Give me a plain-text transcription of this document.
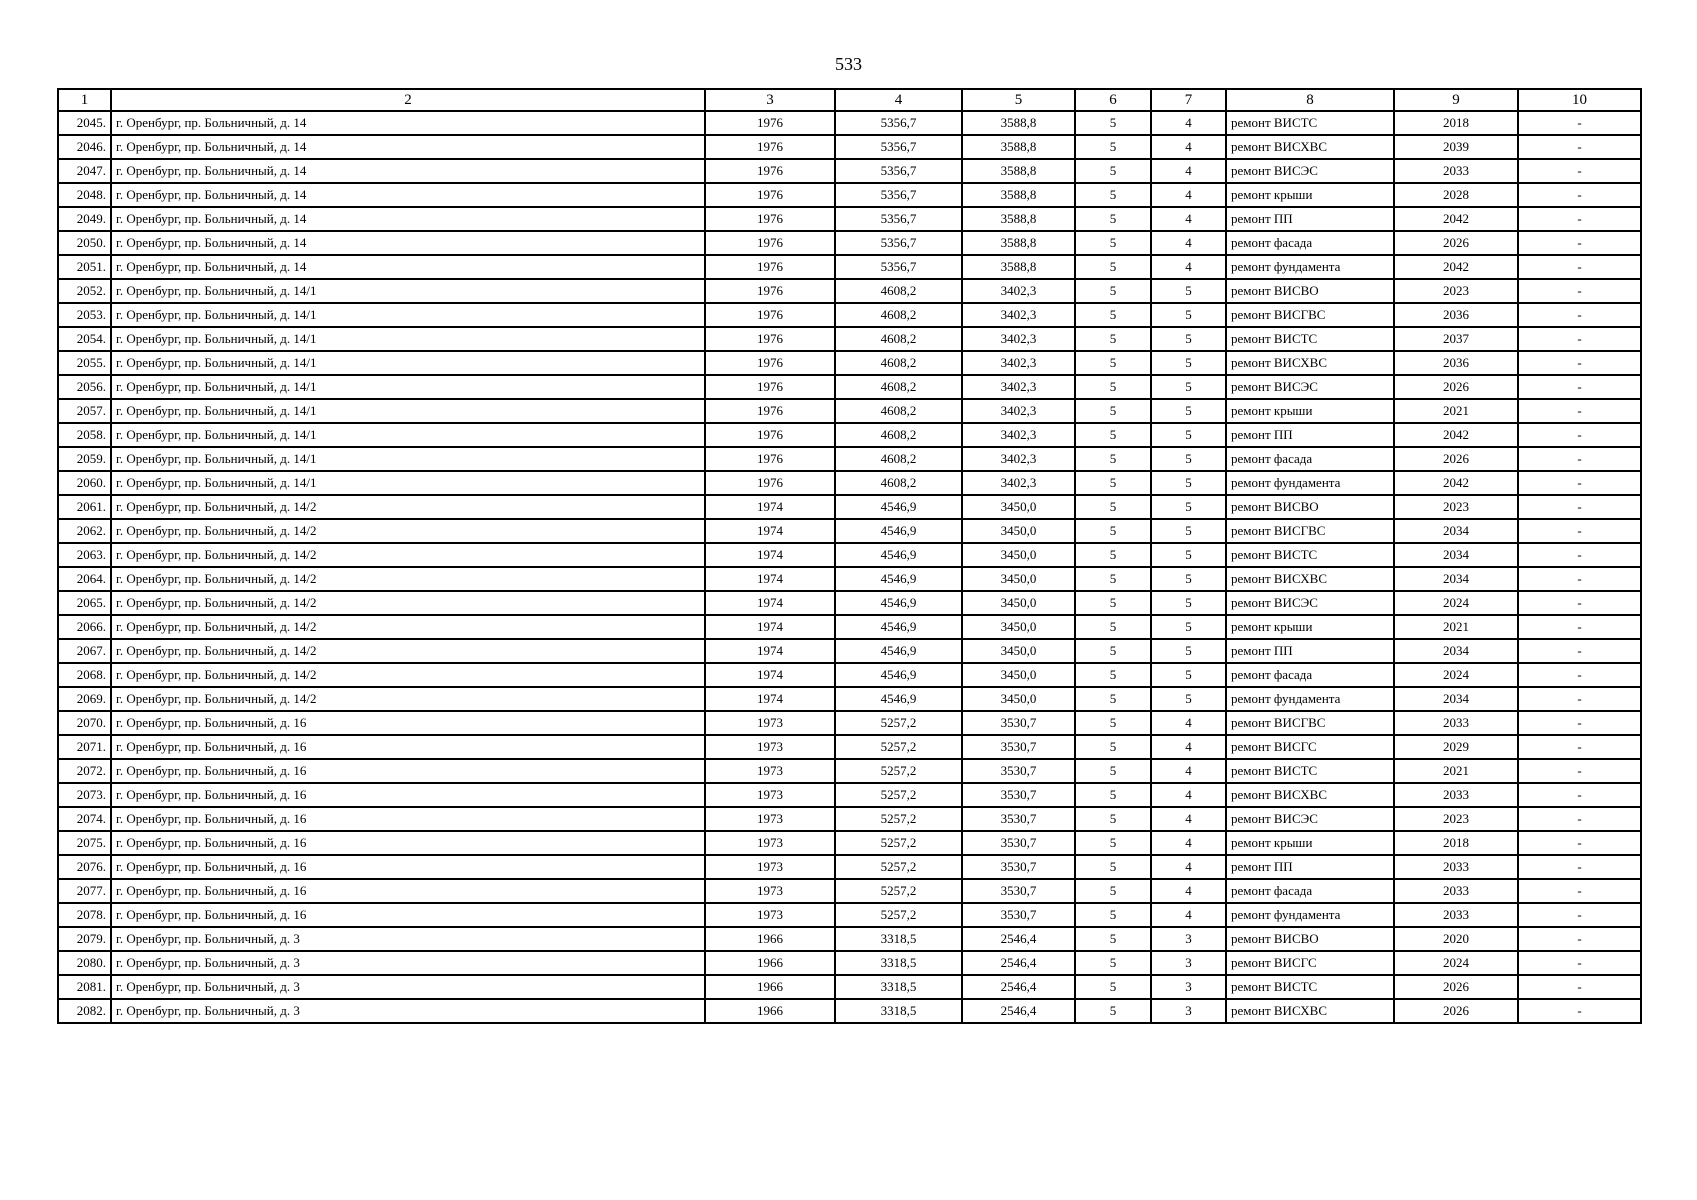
533
1	2	3	4	5	6	7	8	9	10
2045.	г. Оренбург, пр. Больничный, д. 14	1976	5356,7	3588,8	5	4	ремонт ВИСТС	2018	-
2046.	г. Оренбург, пр. Больничный, д. 14	1976	5356,7	3588,8	5	4	ремонт ВИСХВС	2039	-
2047.	г. Оренбург, пр. Больничный, д. 14	1976	5356,7	3588,8	5	4	ремонт ВИСЭС	2033	-
2048.	г. Оренбург, пр. Больничный, д. 14	1976	5356,7	3588,8	5	4	ремонт крыши	2028	-
2049.	г. Оренбург, пр. Больничный, д. 14	1976	5356,7	3588,8	5	4	ремонт ПП	2042	-
2050.	г. Оренбург, пр. Больничный, д. 14	1976	5356,7	3588,8	5	4	ремонт фасада	2026	-
2051.	г. Оренбург, пр. Больничный, д. 14	1976	5356,7	3588,8	5	4	ремонт фундамента	2042	-
2052.	г. Оренбург, пр. Больничный, д. 14/1	1976	4608,2	3402,3	5	5	ремонт ВИСВО	2023	-
2053.	г. Оренбург, пр. Больничный, д. 14/1	1976	4608,2	3402,3	5	5	ремонт ВИСГВС	2036	-
2054.	г. Оренбург, пр. Больничный, д. 14/1	1976	4608,2	3402,3	5	5	ремонт ВИСТС	2037	-
2055.	г. Оренбург, пр. Больничный, д. 14/1	1976	4608,2	3402,3	5	5	ремонт ВИСХВС	2036	-
2056.	г. Оренбург, пр. Больничный, д. 14/1	1976	4608,2	3402,3	5	5	ремонт ВИСЭС	2026	-
2057.	г. Оренбург, пр. Больничный, д. 14/1	1976	4608,2	3402,3	5	5	ремонт крыши	2021	-
2058.	г. Оренбург, пр. Больничный, д. 14/1	1976	4608,2	3402,3	5	5	ремонт ПП	2042	-
2059.	г. Оренбург, пр. Больничный, д. 14/1	1976	4608,2	3402,3	5	5	ремонт фасада	2026	-
2060.	г. Оренбург, пр. Больничный, д. 14/1	1976	4608,2	3402,3	5	5	ремонт фундамента	2042	-
2061.	г. Оренбург, пр. Больничный, д. 14/2	1974	4546,9	3450,0	5	5	ремонт ВИСВО	2023	-
2062.	г. Оренбург, пр. Больничный, д. 14/2	1974	4546,9	3450,0	5	5	ремонт ВИСГВС	2034	-
2063.	г. Оренбург, пр. Больничный, д. 14/2	1974	4546,9	3450,0	5	5	ремонт ВИСТС	2034	-
2064.	г. Оренбург, пр. Больничный, д. 14/2	1974	4546,9	3450,0	5	5	ремонт ВИСХВС	2034	-
2065.	г. Оренбург, пр. Больничный, д. 14/2	1974	4546,9	3450,0	5	5	ремонт ВИСЭС	2024	-
2066.	г. Оренбург, пр. Больничный, д. 14/2	1974	4546,9	3450,0	5	5	ремонт крыши	2021	-
2067.	г. Оренбург, пр. Больничный, д. 14/2	1974	4546,9	3450,0	5	5	ремонт ПП	2034	-
2068.	г. Оренбург, пр. Больничный, д. 14/2	1974	4546,9	3450,0	5	5	ремонт фасада	2024	-
2069.	г. Оренбург, пр. Больничный, д. 14/2	1974	4546,9	3450,0	5	5	ремонт фундамента	2034	-
2070.	г. Оренбург, пр. Больничный, д. 16	1973	5257,2	3530,7	5	4	ремонт ВИСГВС	2033	-
2071.	г. Оренбург, пр. Больничный, д. 16	1973	5257,2	3530,7	5	4	ремонт ВИСГС	2029	-
2072.	г. Оренбург, пр. Больничный, д. 16	1973	5257,2	3530,7	5	4	ремонт ВИСТС	2021	-
2073.	г. Оренбург, пр. Больничный, д. 16	1973	5257,2	3530,7	5	4	ремонт ВИСХВС	2033	-
2074.	г. Оренбург, пр. Больничный, д. 16	1973	5257,2	3530,7	5	4	ремонт ВИСЭС	2023	-
2075.	г. Оренбург, пр. Больничный, д. 16	1973	5257,2	3530,7	5	4	ремонт крыши	2018	-
2076.	г. Оренбург, пр. Больничный, д. 16	1973	5257,2	3530,7	5	4	ремонт ПП	2033	-
2077.	г. Оренбург, пр. Больничный, д. 16	1973	5257,2	3530,7	5	4	ремонт фасада	2033	-
2078.	г. Оренбург, пр. Больничный, д. 16	1973	5257,2	3530,7	5	4	ремонт фундамента	2033	-
2079.	г. Оренбург, пр. Больничный, д. 3	1966	3318,5	2546,4	5	3	ремонт ВИСВО	2020	-
2080.	г. Оренбург, пр. Больничный, д. 3	1966	3318,5	2546,4	5	3	ремонт ВИСГС	2024	-
2081.	г. Оренбург, пр. Больничный, д. 3	1966	3318,5	2546,4	5	3	ремонт ВИСТС	2026	-
2082.	г. Оренбург, пр. Больничный, д. 3	1966	3318,5	2546,4	5	3	ремонт ВИСХВС	2026	-
